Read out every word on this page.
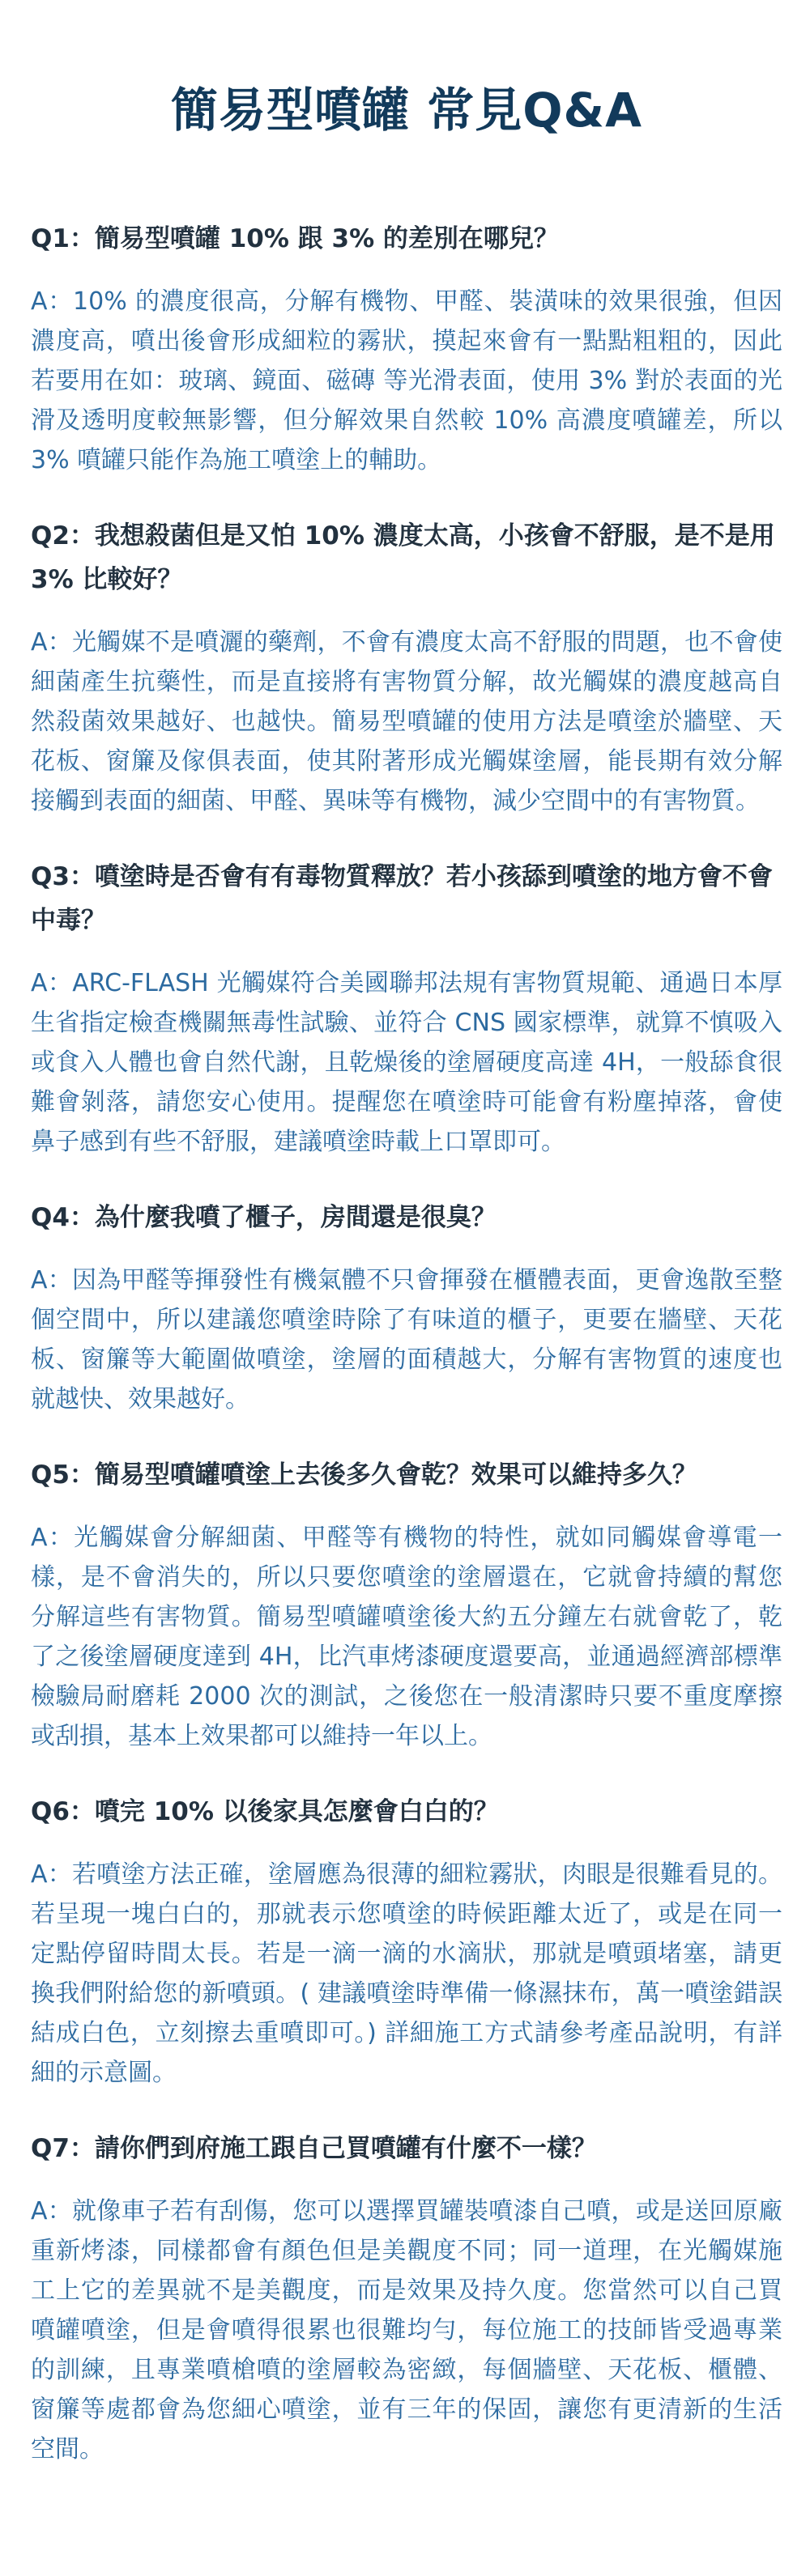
簡易型噴罐 常見Q&A

Q1：簡易型噴罐 10% 跟 3% 的差別在哪兒？

A：10% 的濃度很高，分解有機物、甲醛、裝潢味的效果很強，但因濃度高，噴出後會形成細粒的霧狀，摸起來會有一點點粗粗的，因此若要用在如：玻璃、鏡面、磁磚 等光滑表面，使用 3% 對於表面的光滑及透明度較無影響，但分解效果自然較 10% 高濃度噴罐差，所以 3% 噴罐只能作為施工噴塗上的輔助。

Q2：我想殺菌但是又怕 10% 濃度太高，小孩會不舒服，是不是用 3% 比較好？

A：光觸媒不是噴灑的藥劑，不會有濃度太高不舒服的問題，也不會使細菌產生抗藥性，而是直接將有害物質分解，故光觸媒的濃度越高自然殺菌效果越好、也越快。簡易型噴罐的使用方法是噴塗於牆壁、天花板、窗簾及傢俱表面，使其附著形成光觸媒塗層，能長期有效分解接觸到表面的細菌、甲醛、異味等有機物，減少空間中的有害物質。

Q3：噴塗時是否會有有毒物質釋放？若小孩舔到噴塗的地方會不會中毒？

A：ARC-FLASH 光觸媒符合美國聯邦法規有害物質規範、通過日本厚生省指定檢查機關無毒性試驗、並符合 CNS 國家標準，就算不慎吸入或食入人體也會自然代謝，且乾燥後的塗層硬度高達 4H，一般舔食很難會剝落，請您安心使用。提醒您在噴塗時可能會有粉塵掉落，會使鼻子感到有些不舒服，建議噴塗時載上口罩即可。

Q4：為什麼我噴了櫃子，房間還是很臭？

A：因為甲醛等揮發性有機氣體不只會揮發在櫃體表面，更會逸散至整個空間中，所以建議您噴塗時除了有味道的櫃子，更要在牆壁、天花板、窗簾等大範圍做噴塗，塗層的面積越大，分解有害物質的速度也就越快、效果越好。

Q5：簡易型噴罐噴塗上去後多久會乾？效果可以維持多久？

A：光觸媒會分解細菌、甲醛等有機物的特性，就如同觸媒會導電一樣，是不會消失的，所以只要您噴塗的塗層還在，它就會持續的幫您分解這些有害物質。簡易型噴罐噴塗後大約五分鐘左右就會乾了，乾了之後塗層硬度達到 4H，比汽車烤漆硬度還要高，並通過經濟部標準檢驗局耐磨耗 2000 次的測試，之後您在一般清潔時只要不重度摩擦或刮損，基本上效果都可以維持一年以上。

Q6：噴完 10% 以後家具怎麼會白白的？

A：若噴塗方法正確，塗層應為很薄的細粒霧狀，肉眼是很難看見的。若呈現一塊白白的，那就表示您噴塗的時候距離太近了，或是在同一定點停留時間太長。若是一滴一滴的水滴狀，那就是噴頭堵塞，請更換我們附給您的新噴頭。( 建議噴塗時準備一條濕抹布，萬一噴塗錯誤結成白色，立刻擦去重噴即可。) 詳細施工方式請參考產品說明，有詳細的示意圖。

Q7：請你們到府施工跟自己買噴罐有什麼不一樣？

A：就像車子若有刮傷，您可以選擇買罐裝噴漆自己噴，或是送回原廠重新烤漆，同樣都會有顏色但是美觀度不同；同一道理，在光觸媒施工上它的差異就不是美觀度，而是效果及持久度。您當然可以自己買噴罐噴塗，但是會噴得很累也很難均勻，每位施工的技師皆受過專業的訓練，且專業噴槍噴的塗層較為密緻，每個牆壁、天花板、櫃體、窗簾等處都會為您細心噴塗，並有三年的保固，讓您有更清新的生活空間。
